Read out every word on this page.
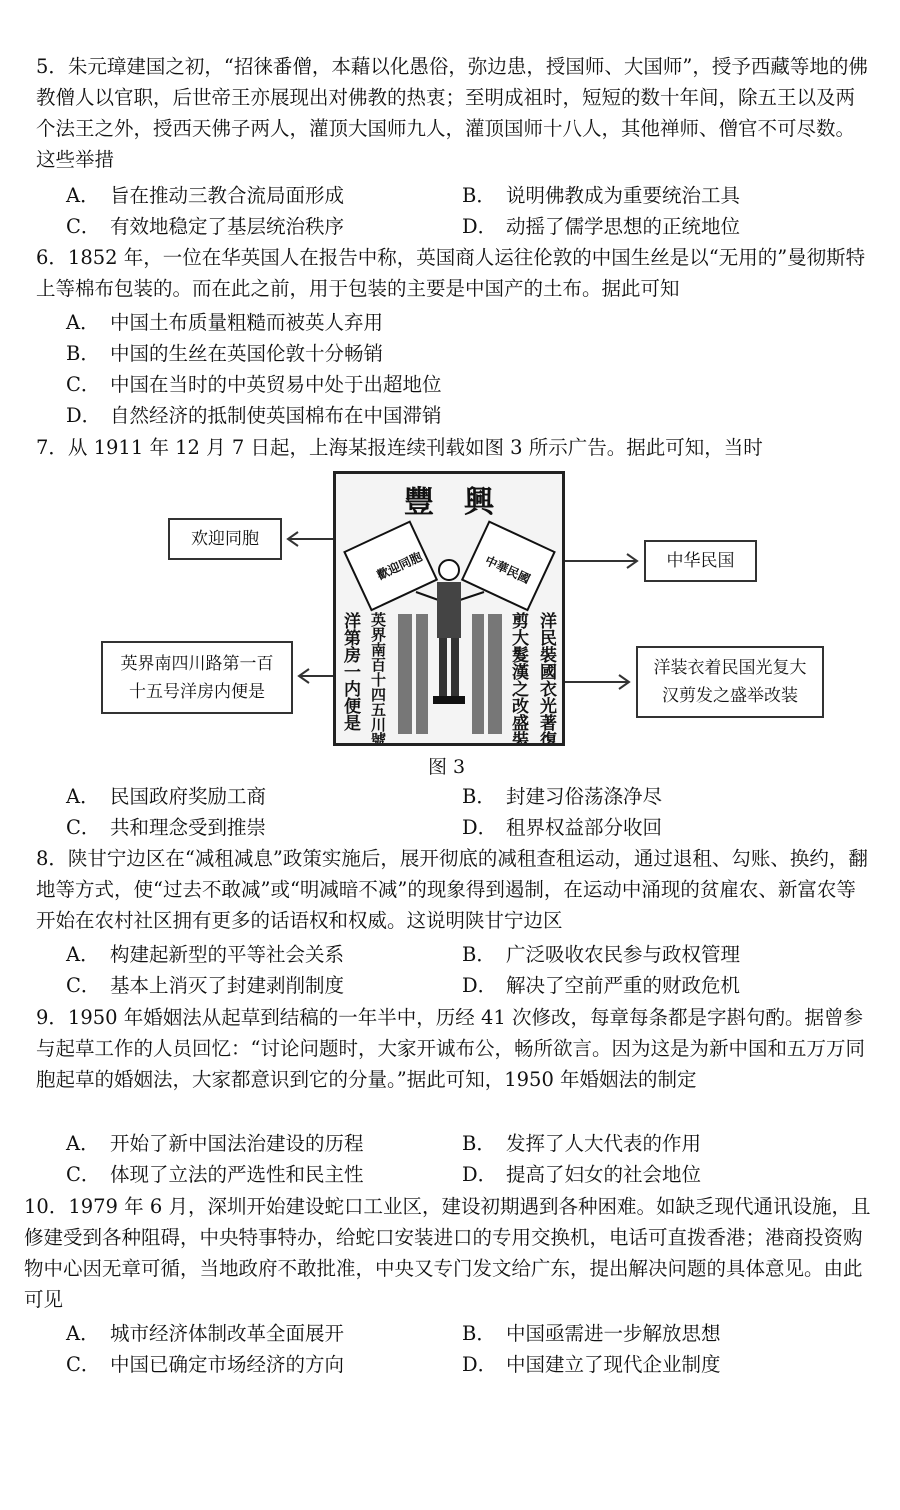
5．朱元璋建国之初，“招徕番僧，本藉以化愚俗，弥边患，授国师、大国师”，授予西藏等地的佛教僧人以官职，后世帝王亦展现出对佛教的热衷；至明成祖时，短短的数十年间，除五王以及两个法王之外，授西天佛子两人，灌顶大国师九人，灌顶国师十八人，其他禅师、僧官不可尽数。这些举措
A． 旨在推动三教合流局面形成	B． 说明佛教成为重要统治工具
C． 有效地稳定了基层统治秩序	D． 动摇了儒学思想的正统地位
6．1852 年，一位在华英国人在报告中称，英国商人运往伦敦的中国生丝是以“无用的”曼彻斯特上等棉布包装的。而在此之前，用于包装的主要是中国产的土布。据此可知
A． 中国土布质量粗糙而被英人弃用
B． 中国的生丝在英国伦敦十分畅销
C． 中国在当时的中英贸易中处于出超地位
D． 自然经济的抵制使英国棉布在中国滞销
7．从 1911 年 12 月 7 日起，上海某报连续刊载如图 3 所示广告。据此可知，当时
欢迎同胞
中华民国
英界南四川路第一百十五号洋房内便是
洋装衣着民国光复大汉剪发之盛举改装
豐　興
歡迎同胞	中華民國
洋第房一内便是 英界南百十四五川號路	剪大髮漢之改盛裝舉 洋民裝國衣光著復
图 3
A． 民国政府奖励工商	B． 封建习俗荡涤净尽
C． 共和理念受到推崇	D． 租界权益部分收回
8．陕甘宁边区在“减租减息”政策实施后，展开彻底的减租查租运动，通过退租、勾账、换约，翻地等方式，使“过去不敢减”或“明减暗不减”的现象得到遏制，在运动中涌现的贫雇农、新富农等开始在农村社区拥有更多的话语权和权威。这说明陕甘宁边区
A． 构建起新型的平等社会关系	B． 广泛吸收农民参与政权管理
C． 基本上消灭了封建剥削制度	D． 解决了空前严重的财政危机
9．1950 年婚姻法从起草到结稿的一年半中，历经 41 次修改，每章每条都是字斟句酌。据曾参与起草工作的人员回忆：“讨论问题时，大家开诚布公，畅所欲言。因为这是为新中国和五万万同胞起草的婚姻法，大家都意识到它的分量。”据此可知，1950 年婚姻法的制定
A． 开始了新中国法治建设的历程	B． 发挥了人大代表的作用
C． 体现了立法的严选性和民主性	D． 提高了妇女的社会地位
10．1979 年 6 月，深圳开始建设蛇口工业区，建设初期遇到各种困难。如缺乏现代通讯设施，且修建受到各种阻碍，中央特事特办，给蛇口安装进口的专用交换机，电话可直拨香港；港商投资购物中心因无章可循，当地政府不敢批准，中央又专门发文给广东，提出解决问题的具体意见。由此可见
A． 城市经济体制改革全面展开	B． 中国亟需进一步解放思想
C． 中国已确定市场经济的方向	D． 中国建立了现代企业制度
